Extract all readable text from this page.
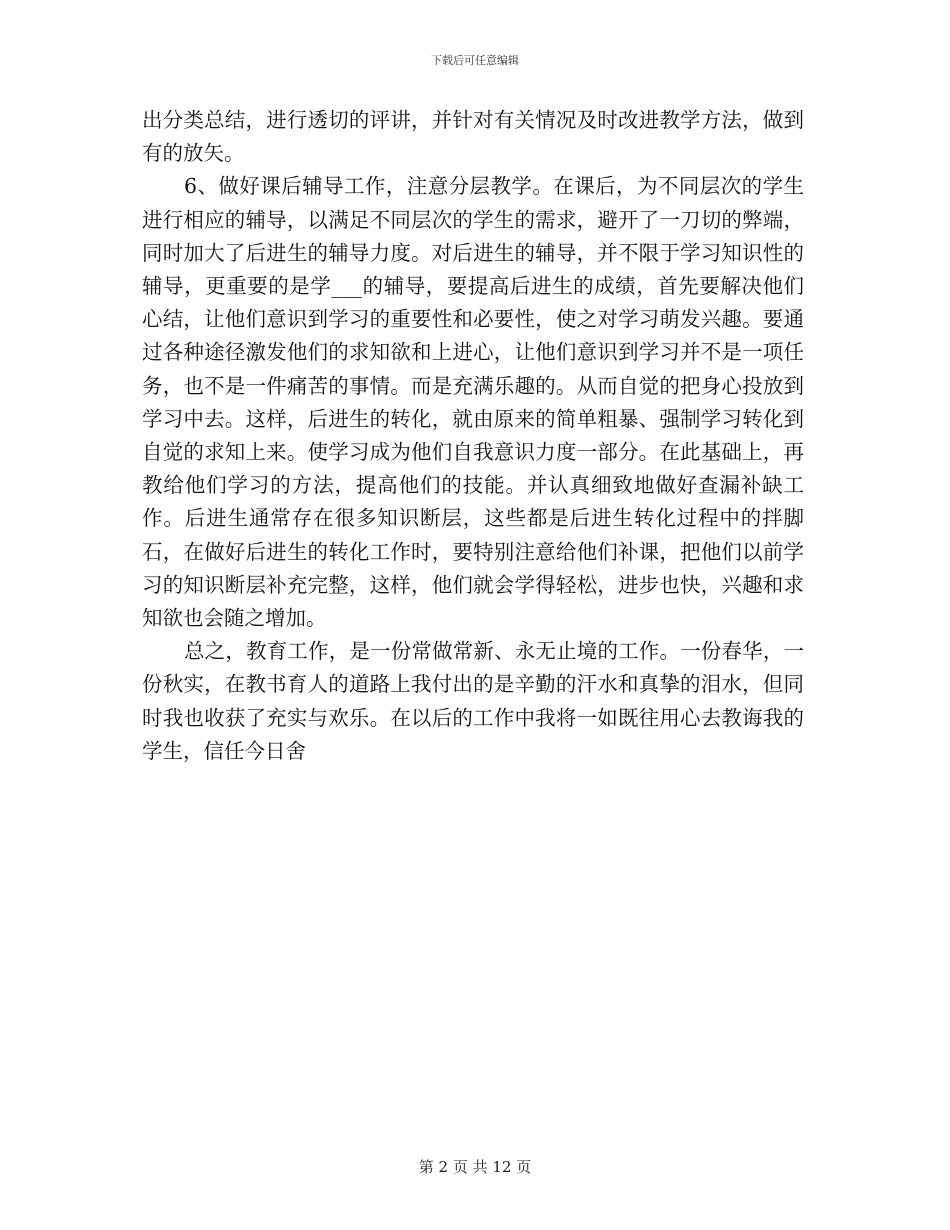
下载后可任意编辑

出分类总结，进行透切的评讲，并针对有关情况及时改进教学方法，做到有的放矢。

6、做好课后辅导工作，注意分层教学。在课后，为不同层次的学生进行相应的辅导，以满足不同层次的学生的需求，避开了一刀切的弊端，同时加大了后进生的辅导力度。对后进生的辅导，并不限于学习知识性的辅导，更重要的是学___的辅导，要提高后进生的成绩，首先要解决他们心结，让他们意识到学习的重要性和必要性，使之对学习萌发兴趣。要通过各种途径激发他们的求知欲和上进心，让他们意识到学习并不是一项任务，也不是一件痛苦的事情。而是充满乐趣的。从而自觉的把身心投放到学习中去。这样，后进生的转化，就由原来的简单粗暴、强制学习转化到自觉的求知上来。使学习成为他们自我意识力度一部分。在此基础上，再教给他们学习的方法，提高他们的技能。并认真细致地做好查漏补缺工作。后进生通常存在很多知识断层，这些都是后进生转化过程中的拌脚石，在做好后进生的转化工作时，要特别注意给他们补课，把他们以前学习的知识断层补充完整，这样，他们就会学得轻松，进步也快，兴趣和求知欲也会随之增加。

总之，教育工作，是一份常做常新、永无止境的工作。一份春华，一份秋实，在教书育人的道路上我付出的是辛勤的汗水和真挚的泪水，但同时我也收获了充实与欢乐。在以后的工作中我将一如既往用心去教诲我的学生，信任今日舍

第 2 页 共 12 页
